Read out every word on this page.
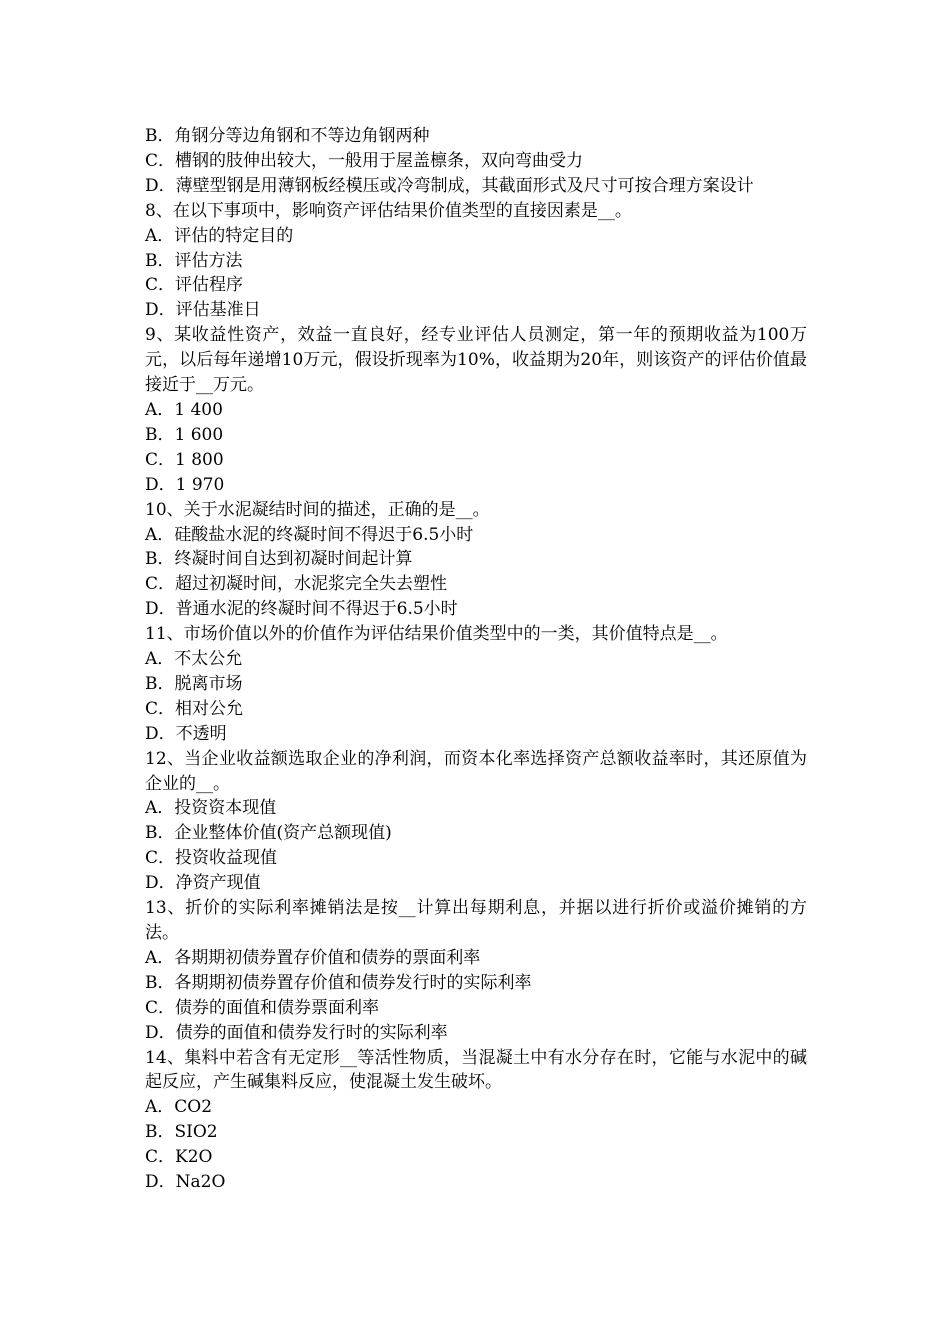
B．角钢分等边角钢和不等边角钢两种

C．槽钢的肢伸出较大，一般用于屋盖檩条，双向弯曲受力

D．薄壁型钢是用薄钢板经模压或冷弯制成，其截面形式及尺寸可按合理方案设计

8、在以下事项中，影响资产评估结果价值类型的直接因素是__。

A．评估的特定目的

B．评估方法

C．评估程序

D．评估基准日

9、某收益性资产，效益一直良好，经专业评估人员测定，第一年的预期收益为100万元，以后每年递增10万元，假设折现率为10%，收益期为20年，则该资产的评估价值最接近于__万元。

A．1 400

B．1 600

C．1 800

D．1 970

10、关于水泥凝结时间的描述，正确的是__。

A．硅酸盐水泥的终凝时间不得迟于6.5小时

B．终凝时间自达到初凝时间起计算

C．超过初凝时间，水泥浆完全失去塑性

D．普通水泥的终凝时间不得迟于6.5小时

11、市场价值以外的价值作为评估结果价值类型中的一类，其价值特点是__。

A．不太公允

B．脱离市场

C．相对公允

D．不透明

12、当企业收益额选取企业的净利润，而资本化率选择资产总额收益率时，其还原值为企业的__。

A．投资资本现值

B．企业整体价值(资产总额现值)

C．投资收益现值

D．净资产现值

13、折价的实际利率摊销法是按__计算出每期利息，并据以进行折价或溢价摊销的方法。

A．各期期初债券置存价值和债券的票面利率

B．各期期初债券置存价值和债券发行时的实际利率

C．债券的面值和债券票面利率

D．债券的面值和债券发行时的实际利率

14、集料中若含有无定形__等活性物质，当混凝土中有水分存在时，它能与水泥中的碱起反应，产生碱集料反应，使混凝土发生破坏。

A．CO2

B．SIO2

C．K2O

D．Na2O
